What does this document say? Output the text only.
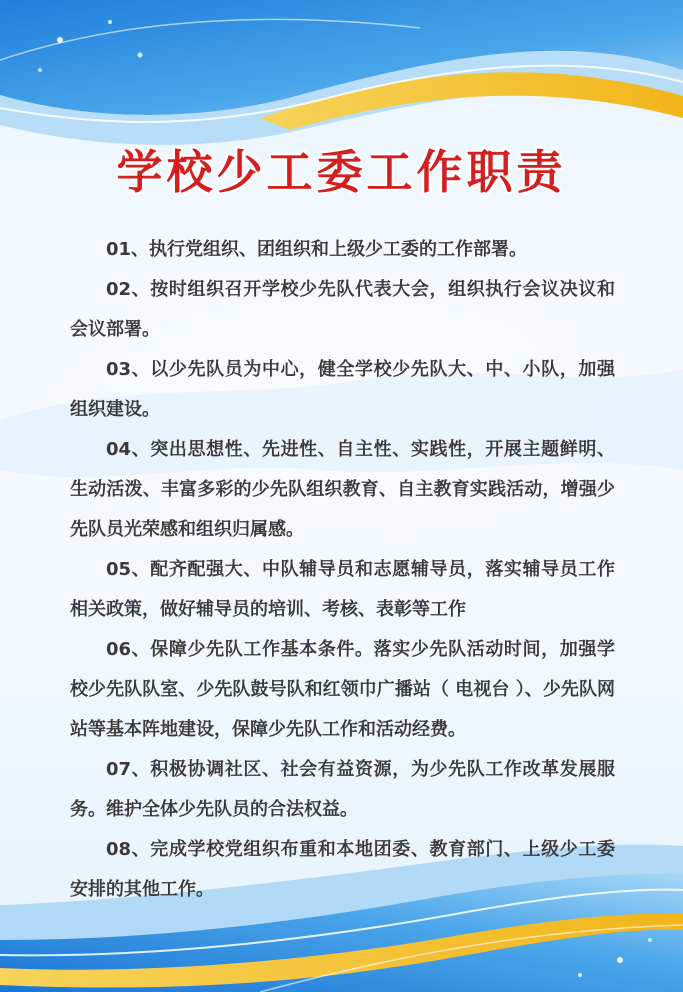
学校少工委工作职责

01、执行党组织、团组织和上级少工委的工作部署。

02、按时组织召开学校少先队代表大会，组织执行会议决议和会议部署。

03、以少先队员为中心，健全学校少先队大、中、小队，加强组织建设。

04、突出思想性、先进性、自主性、实践性，开展主题鲜明、生动活泼、丰富多彩的少先队组织教育、自主教育实践活动，增强少先队员光荣感和组织归属感。

05、配齐配强大、中队辅导员和志愿辅导员，落实辅导员工作相关政策，做好辅导员的培训、考核、表彰等工作

06、保障少先队工作基本条件。落实少先队活动时间，加强学校少先队队室、少先队鼓号队和红领巾广播站（ 电视台 ）、少先队网站等基本阵地建设，保障少先队工作和活动经费。

07、积极协调社区、社会有益资源，为少先队工作改革发展服务。维护全体少先队员的合法权益。

08、完成学校党组织布重和本地团委、教育部门、上级少工委安排的其他工作。
